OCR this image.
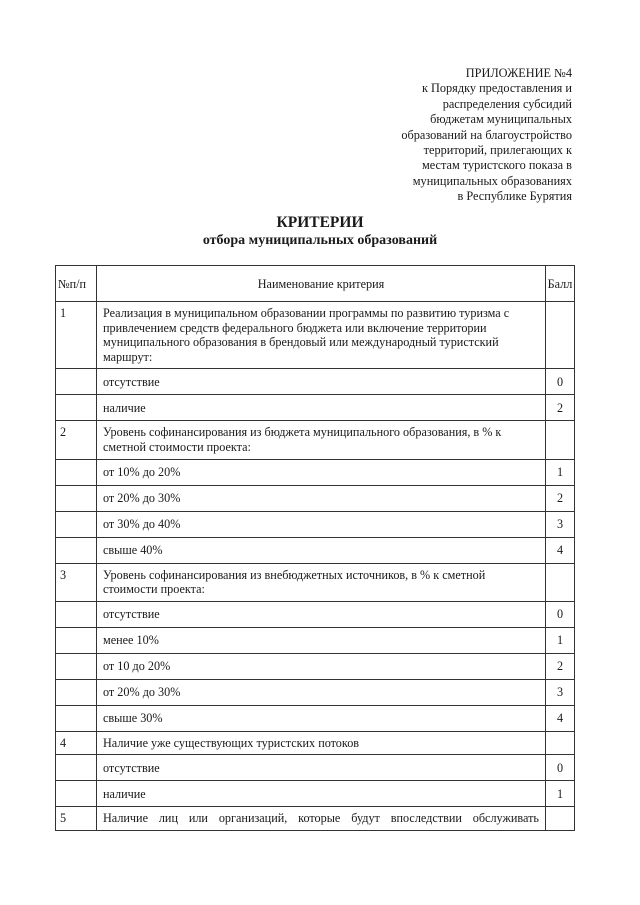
ПРИЛОЖЕНИЕ №4
к Порядку предоставления и
распределения субсидий
бюджетам муниципальных
образований на благоустройство
территорий, прилегающих к
местам туристского показа в
муниципальных образованиях
в Республике Бурятия
КРИТЕРИИ
отбора муниципальных образований
№п/п	Наименование критерия	Балл
1	Реализация в муниципальном образовании программы по развитию туризма с привлечением средств федерального бюджета или включение территории муниципального образования в брендовый или международный туристский маршрут:	
	отсутствие	0
	наличие	2
2	Уровень софинансирования из бюджета муниципального образования, в % к сметной стоимости проекта:	
	от 10% до 20%	1
	от 20% до 30%	2
	от 30% до 40%	3
	свыше 40%	4
3	Уровень софинансирования из внебюджетных источников, в % к сметной стоимости проекта:	
	отсутствие	0
	менее 10%	1
	от 10 до 20%	2
	от 20% до 30%	3
	свыше 30%	4
4	Наличие уже существующих туристских потоков	
	отсутствие	0
	наличие	1
5	Наличие лиц или организаций, которые будут впоследствии обслуживать	
